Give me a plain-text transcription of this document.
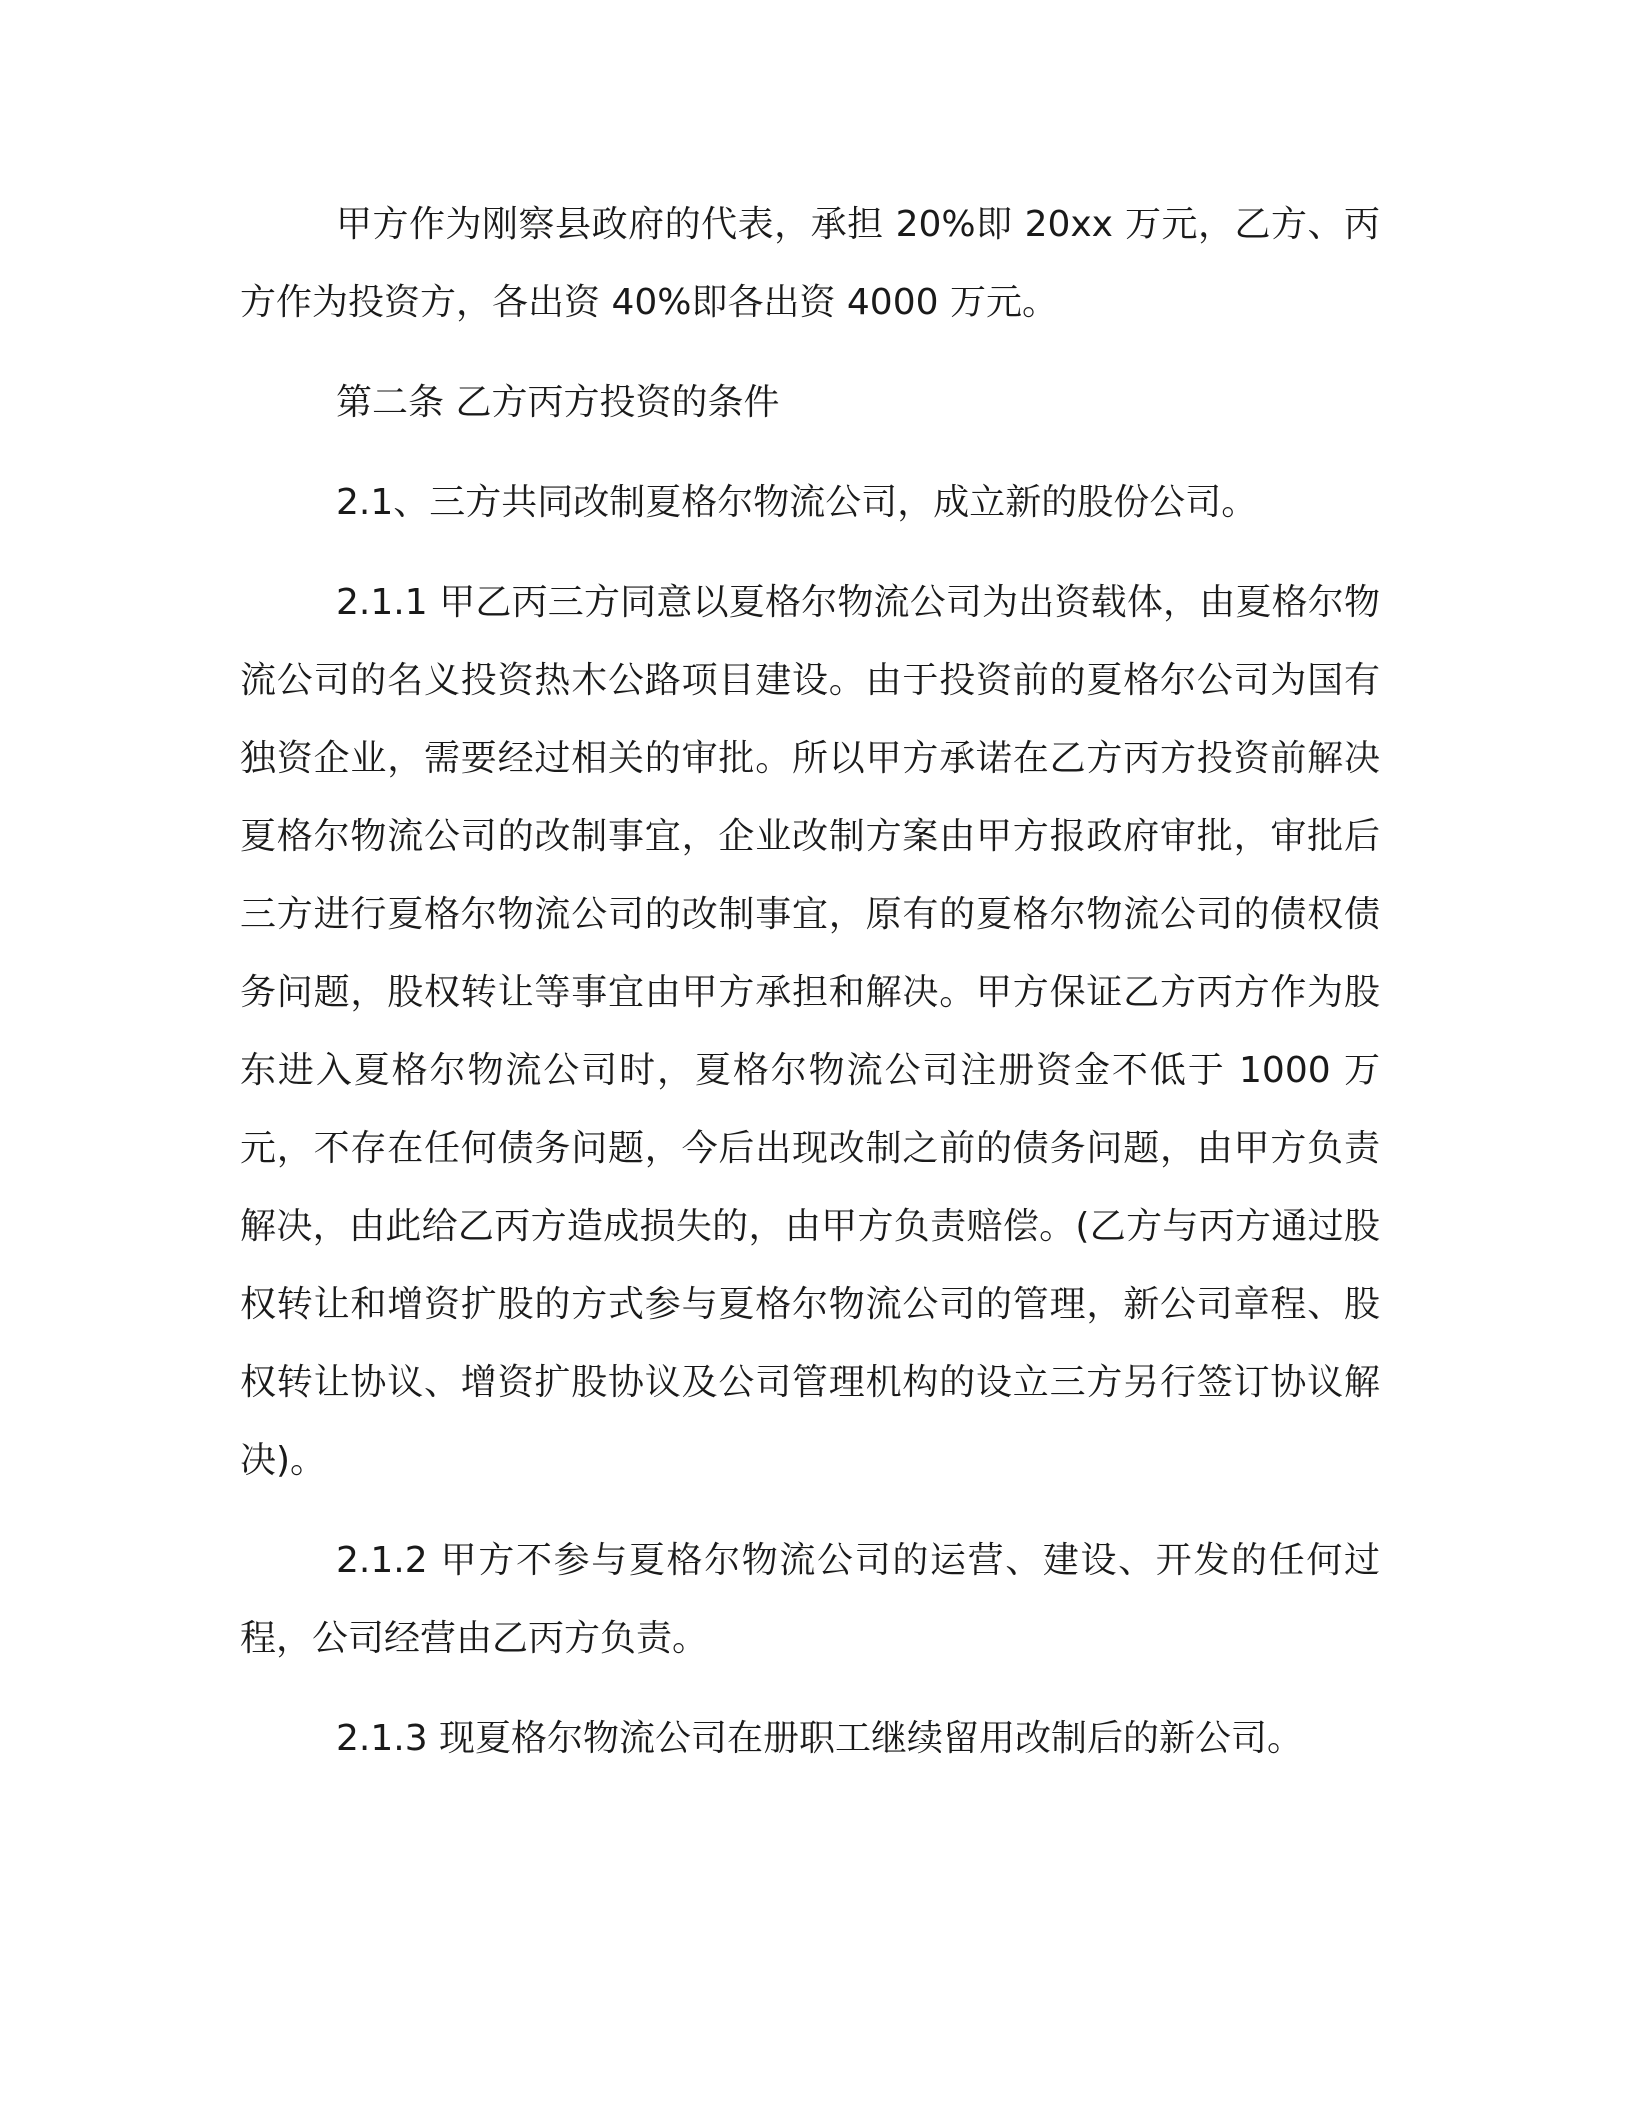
甲方作为刚察县政府的代表，承担 20%即 20xx 万元，乙方、丙方作为投资方，各出资 40%即各出资 4000 万元。

第二条 乙方丙方投资的条件

2.1、三方共同改制夏格尔物流公司，成立新的股份公司。

2.1.1 甲乙丙三方同意以夏格尔物流公司为出资载体，由夏格尔物流公司的名义投资热木公路项目建设。由于投资前的夏格尔公司为国有独资企业，需要经过相关的审批。所以甲方承诺在乙方丙方投资前解决夏格尔物流公司的改制事宜，企业改制方案由甲方报政府审批，审批后三方进行夏格尔物流公司的改制事宜，原有的夏格尔物流公司的债权债务问题，股权转让等事宜由甲方承担和解决。甲方保证乙方丙方作为股东进入夏格尔物流公司时，夏格尔物流公司注册资金不低于 1000 万元，不存在任何债务问题，今后出现改制之前的债务问题，由甲方负责解决，由此给乙丙方造成损失的，由甲方负责赔偿。(乙方与丙方通过股权转让和增资扩股的方式参与夏格尔物流公司的管理，新公司章程、股权转让协议、增资扩股协议及公司管理机构的设立三方另行签订协议解决)。

2.1.2 甲方不参与夏格尔物流公司的运营、建设、开发的任何过程，公司经营由乙丙方负责。

2.1.3 现夏格尔物流公司在册职工继续留用改制后的新公司。
